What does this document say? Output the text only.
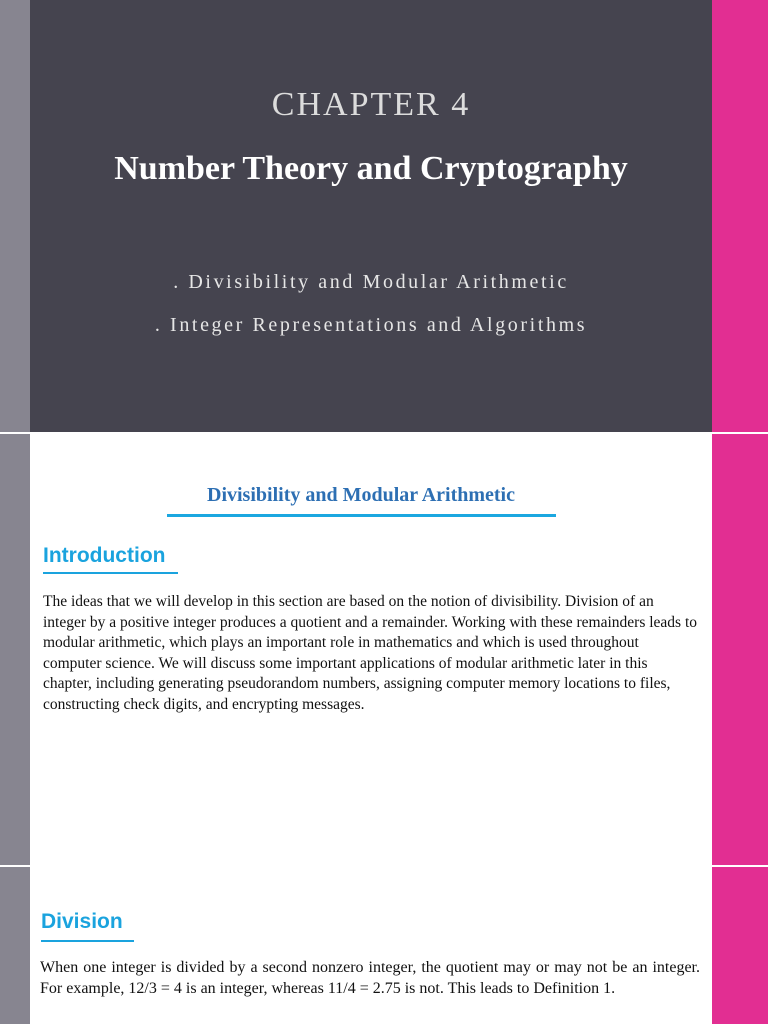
CHAPTER 4
Number Theory and Cryptography
. Divisibility and Modular Arithmetic
. Integer Representations and Algorithms
Divisibility and Modular Arithmetic
Introduction

The ideas that we will develop in this section are based on the notion of divisibility. Division of an integer by a positive integer produces a quotient and a remainder. Working with these remainders leads to modular arithmetic, which plays an important role in mathematics and which is used throughout computer science. We will discuss some important applications of modular arithmetic later in this chapter, including generating pseudorandom numbers, assigning computer memory locations to files, constructing check digits, and encrypting messages.

Division

When one integer is divided by a second nonzero integer, the quotient may or may not be an integer. For example, 12/3 = 4 is an integer, whereas 11/4 = 2.75 is not. This leads to Definition 1.
